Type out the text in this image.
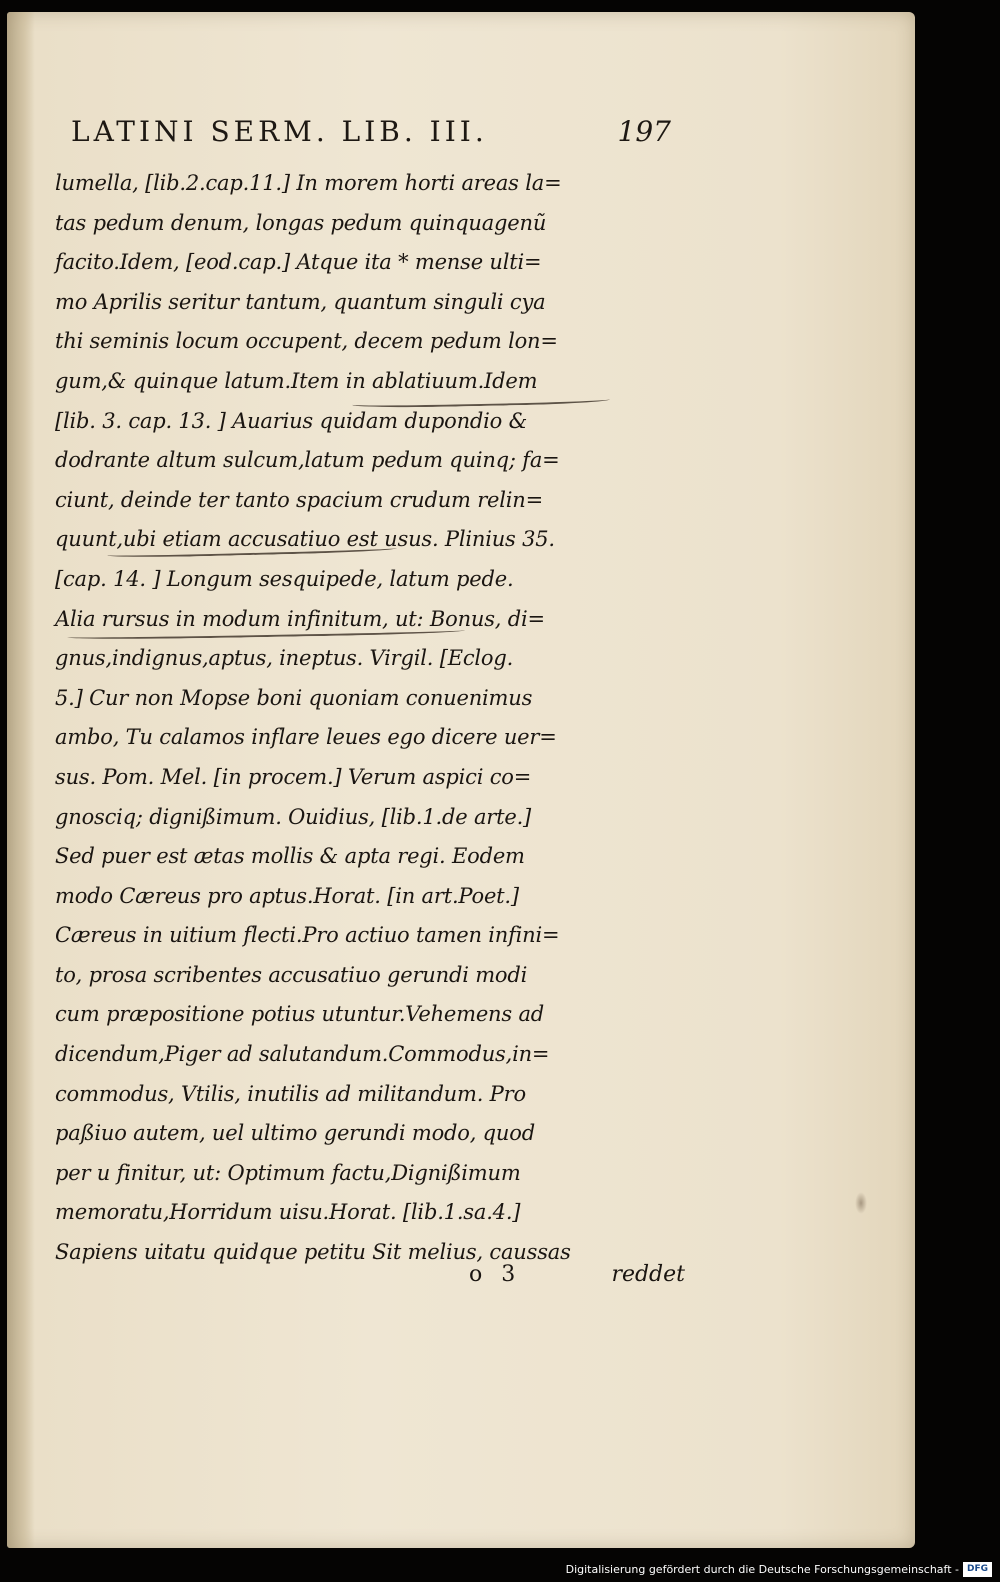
LATINI SERM. LIB. III.	197
lumella, [lib.2.cap.11.] In morem horti areas la=
tas pedum denum, longas pedum quinquagenũ
facito.Idem, [eod.cap.] Atque ita * mense ulti=
mo Aprilis seritur tantum, quantum singuli cya
thi seminis locum occupent, decem pedum lon=
gum,& quinque latum.Item in ablatiuum.Idem
[lib. 3. cap. 13. ] Auarius quidam dupondio &
dodrante altum sulcum,latum pedum quinq; fa=
ciunt, deinde ter tanto spacium crudum relin=
quunt,ubi etiam accusatiuo est usus. Plinius 35.
[cap. 14. ] Longum sesquipede, latum pede.
Alia rursus in modum infinitum, ut: Bonus, di=
gnus,indignus,aptus, ineptus. Virgil. [Eclog.
5.] Cur non Mopse boni quoniam conuenimus
ambo, Tu calamos inflare leues ego dicere uer=
sus. Pom. Mel. [in procem.] Verum aspici co=
gnosciq; dignißimum. Ouidius, [lib.1.de arte.]
Sed puer est ætas mollis & apta regi. Eodem
modo Cæreus pro aptus.Horat. [in art.Poet.]
Cæreus in uitium flecti.Pro actiuo tamen infini=
to, prosa scribentes accusatiuo gerundi modi
cum præpositione potius utuntur.Vehemens ad
dicendum,Piger ad salutandum.Commodus,in=
commodus, Vtilis, inutilis ad militandum. Pro
paßiuo autem, uel ultimo gerundi modo, quod
per u finitur, ut: Optimum factu,Dignißimum
memoratu,Horridum uisu.Horat. [lib.1.sa.4.]
Sapiens uitatu quidque petitu Sit melius, caussas
o 3	reddet
Digitalisierung gefördert durch die Deutsche Forschungsgemeinschaft - DFG
